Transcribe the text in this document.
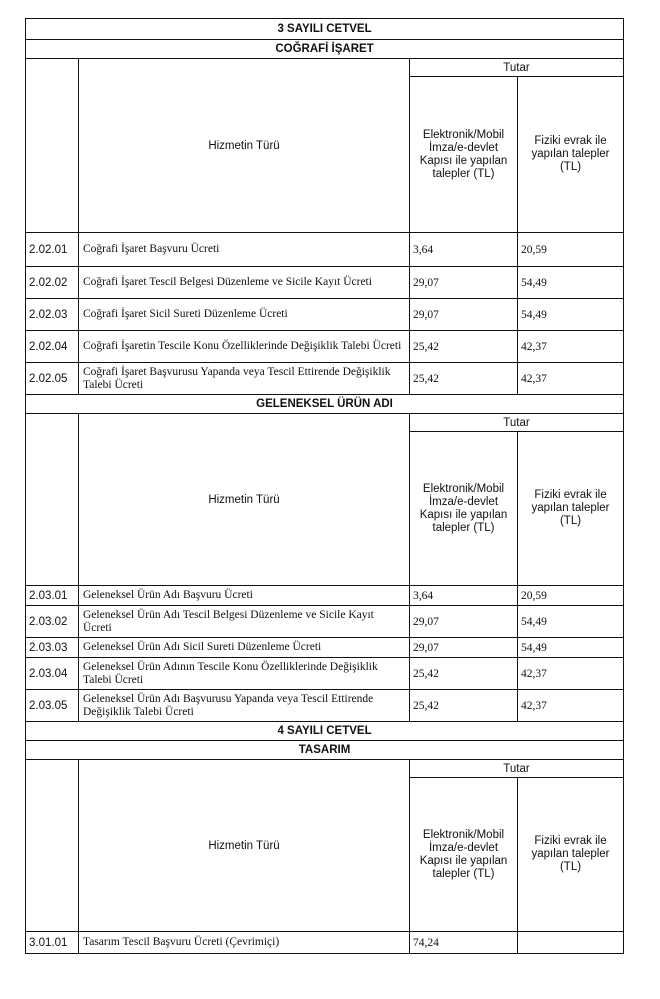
3 SAYILI CETVEL			
COĞRAFİ İŞARET			
	Hizmetin Türü	Tutar	
		Elektronik/Mobil İmza/e-devlet Kapısı ile yapılan talepler (TL)	Fiziki evrak ile yapılan talepler (TL)
2.02.01	Coğrafi İşaret Başvuru Ücreti	3,64	20,59
2.02.02	Coğrafi İşaret Tescil Belgesi Düzenleme ve Sicile Kayıt Ücreti	29,07	54,49
2.02.03	Coğrafi İşaret Sicil Sureti Düzenleme Ücreti	29,07	54,49
2.02.04	Coğrafi İşaretin Tescile Konu Özelliklerinde Değişiklik Talebi Ücreti	25,42	42,37
2.02.05	Coğrafi İşaret Başvurusu Yapanda veya Tescil Ettirende Değişiklik Talebi Ücreti	25,42	42,37
GELENEKSEL ÜRÜN ADI			
	Hizmetin Türü	Tutar	
		Elektronik/Mobil İmza/e-devlet Kapısı ile yapılan talepler (TL)	Fiziki evrak ile yapılan talepler (TL)
2.03.01	Geleneksel Ürün Adı Başvuru Ücreti	3,64	20,59
2.03.02	Geleneksel Ürün Adı Tescil Belgesi Düzenleme ve Sicile Kayıt Ücreti	29,07	54,49
2.03.03	Geleneksel Ürün Adı Sicil Sureti Düzenleme Ücreti	29,07	54,49
2.03.04	Geleneksel Ürün Adının Tescile Konu Özelliklerinde Değişiklik Talebi Ücreti	25,42	42,37
2.03.05	Geleneksel Ürün Adı Başvurusu Yapanda veya Tescil Ettirende Değişiklik Talebi Ücreti	25,42	42,37
4 SAYILI CETVEL			
TASARIM			
	Hizmetin Türü	Tutar	
		Elektronik/Mobil İmza/e-devlet Kapısı ile yapılan talepler (TL)	Fiziki evrak ile yapılan talepler (TL)
3.01.01	Tasarım Tescil Başvuru Ücreti (Çevrimiçi)	74,24	
